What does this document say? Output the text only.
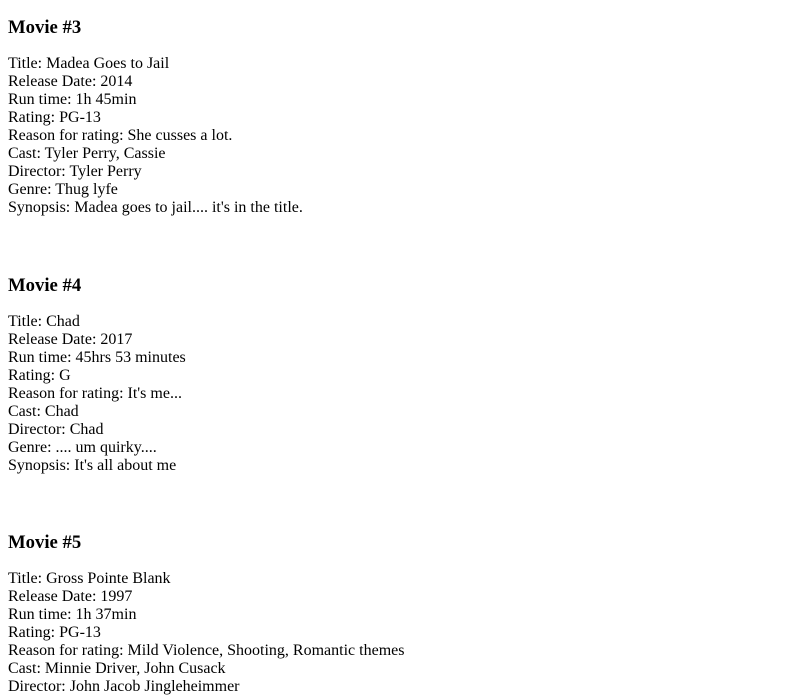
Movie #3
Title: Madea Goes to Jail
Release Date: 2014
Run time: 1h 45min
Rating: PG-13
Reason for rating: She cusses a lot.
Cast: Tyler Perry, Cassie
Director: Tyler Perry
Genre: Thug lyfe
Synopsis: Madea goes to jail.... it's in the title.
Movie #4
Title: Chad
Release Date: 2017
Run time: 45hrs 53 minutes
Rating: G
Reason for rating: It's me...
Cast: Chad
Director: Chad
Genre: .... um quirky....
Synopsis: It's all about me
Movie #5
Title: Gross Pointe Blank
Release Date: 1997
Run time: 1h 37min
Rating: PG-13
Reason for rating: Mild Violence, Shooting, Romantic themes
Cast: Minnie Driver, John Cusack
Director: John Jacob Jingleheimmer
